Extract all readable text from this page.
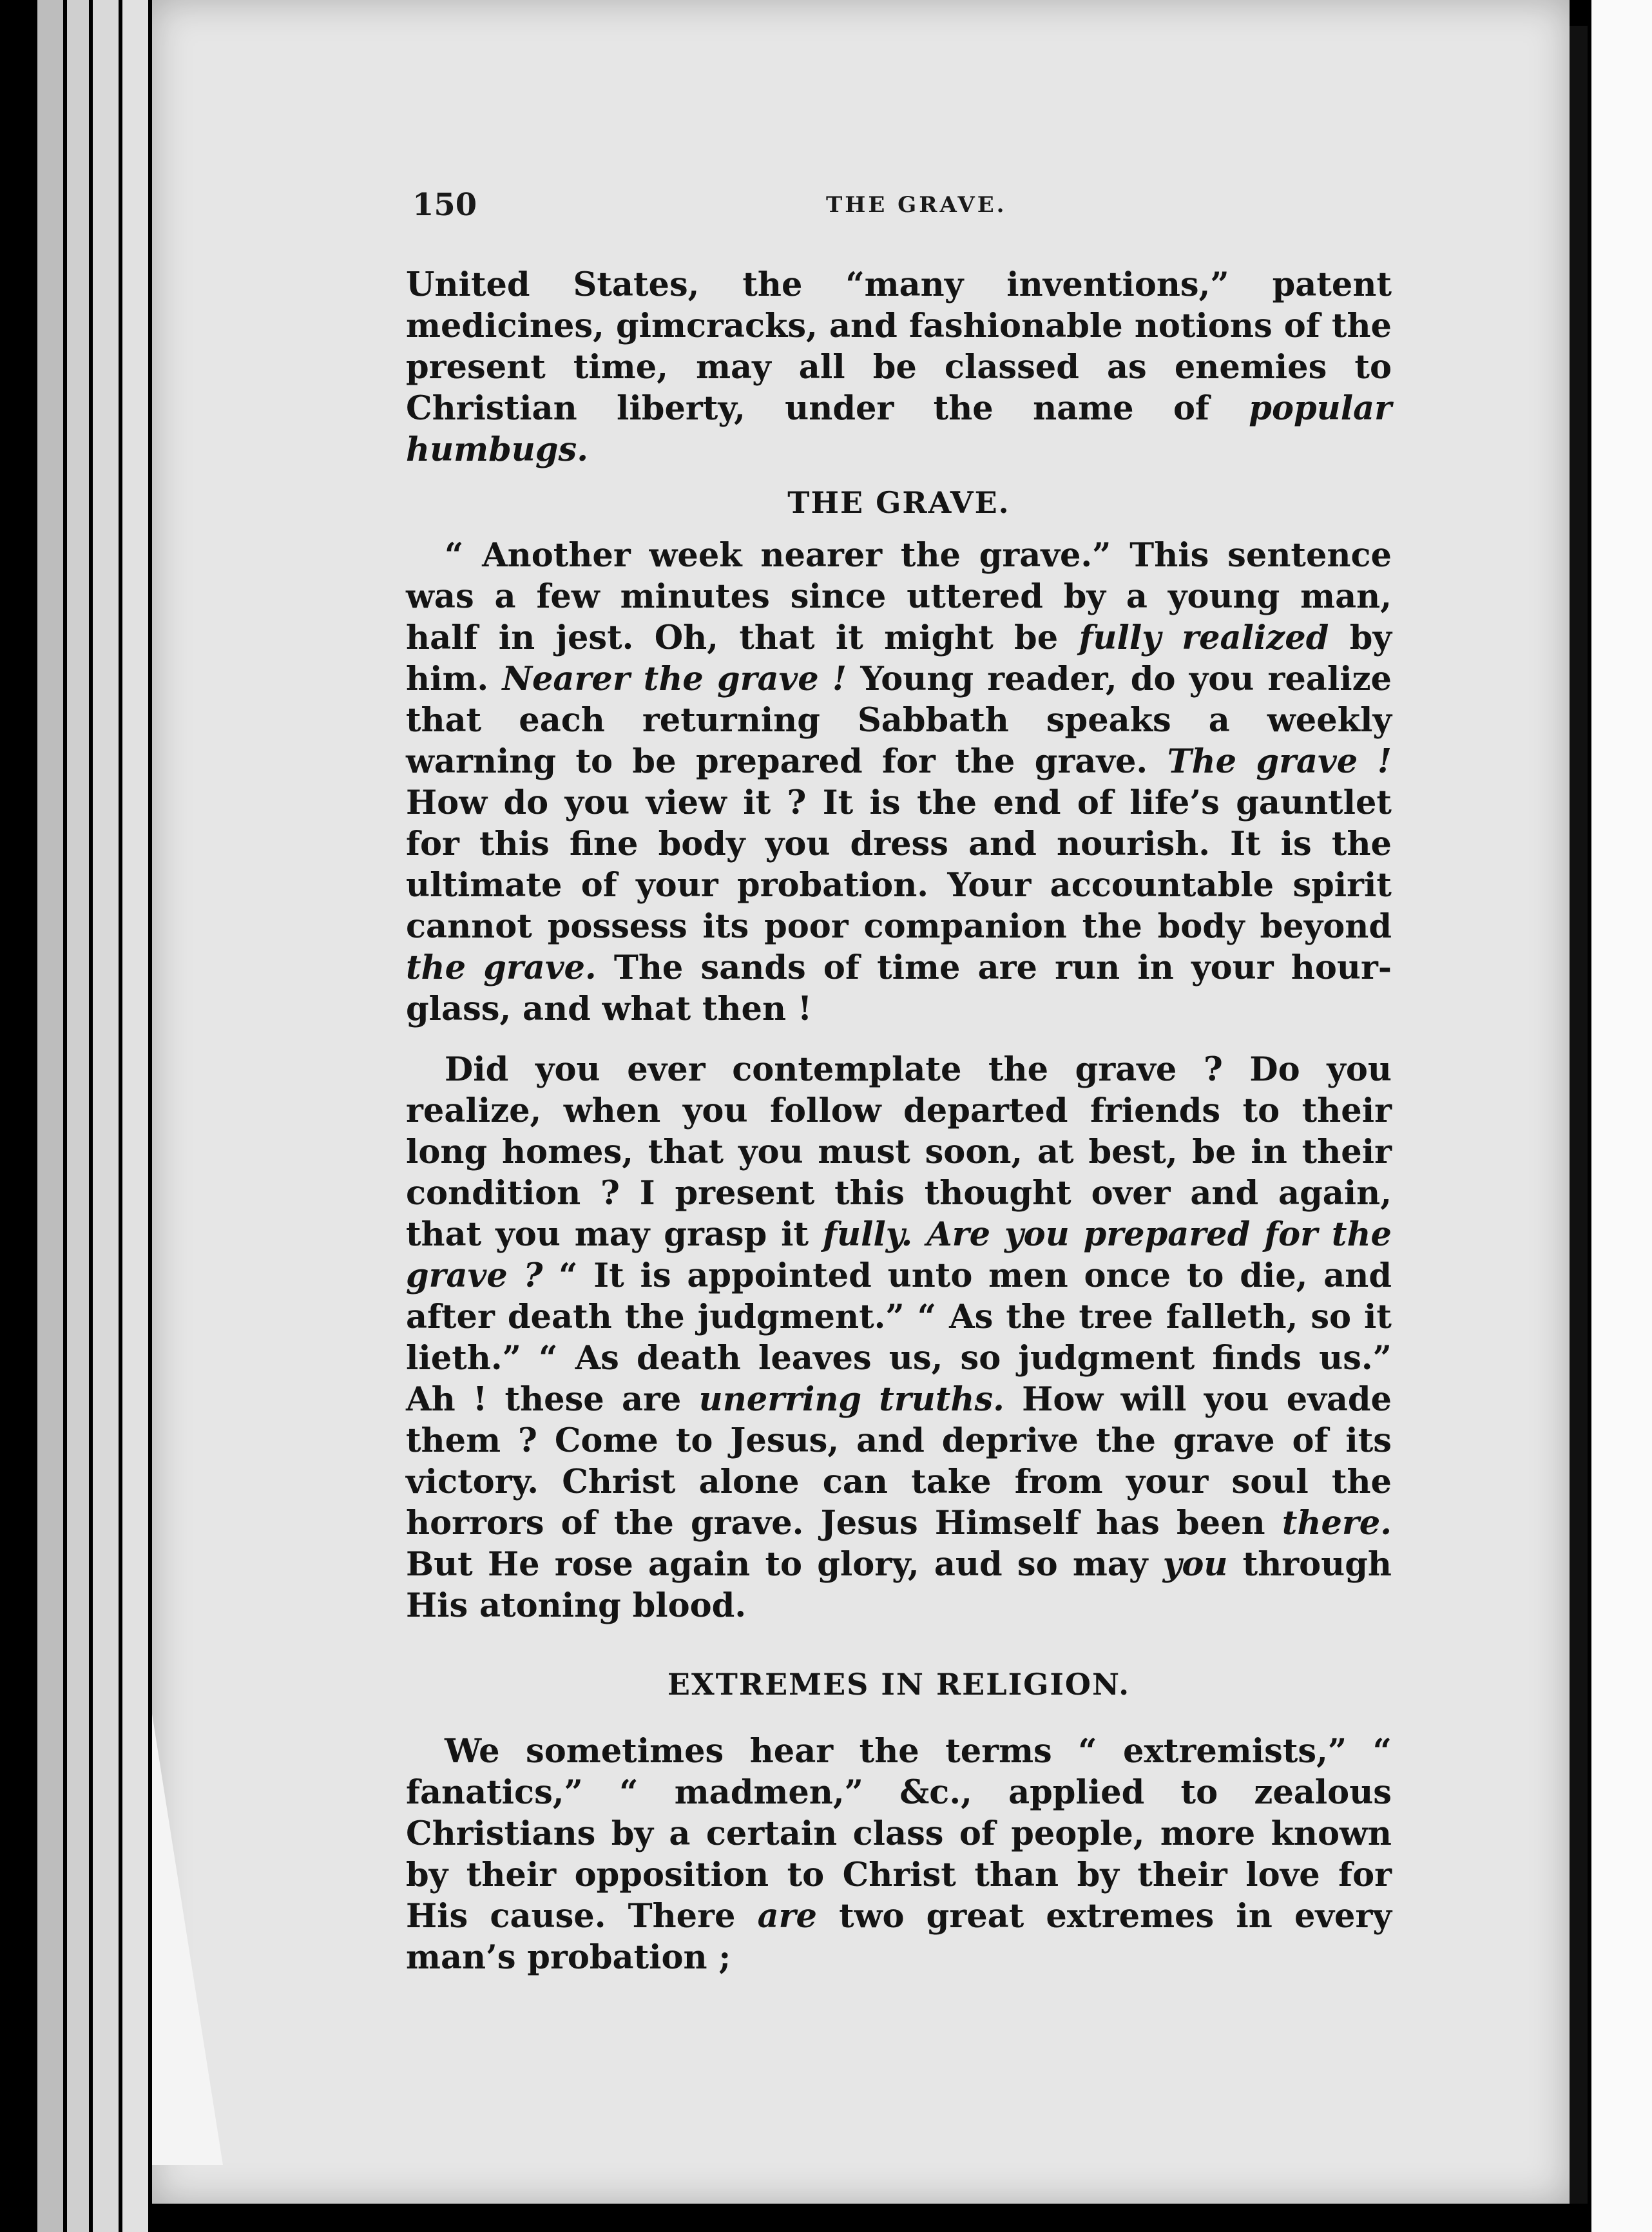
150	THE GRAVE.

United States, the “many inventions,” patent medicines, gimcracks, and fashionable notions of the present time, may all be classed as enemies to Christian liberty, under the name of popular humbugs.

THE GRAVE.

“ Another week nearer the grave.” This sentence was a few minutes since uttered by a young man, half in jest. Oh, that it might be fully realized by him. Nearer the grave ! Young reader, do you realize that each returning Sabbath speaks a weekly warning to be prepared for the grave. The grave ! How do you view it ? It is the end of life’s gauntlet for this fine body you dress and nourish. It is the ultimate of your probation. Your accountable spirit cannot possess its poor companion the body beyond the grave. The sands of time are run in your hour-glass, and what then !

Did you ever contemplate the grave ? Do you realize, when you follow departed friends to their long homes, that you must soon, at best, be in their condition ? I present this thought over and again, that you may grasp it fully. Are you prepared for the grave ? “ It is appointed unto men once to die, and after death the judgment.” “ As the tree falleth, so it lieth.” “ As death leaves us, so judgment finds us.” Ah ! these are unerring truths. How will you evade them ? Come to Jesus, and deprive the grave of its victory. Christ alone can take from your soul the horrors of the grave. Jesus Himself has been there. But He rose again to glory, aud so may you through His atoning blood.

EXTREMES IN RELIGION.

We sometimes hear the terms “ extremists,” “ fanatics,” “ madmen,” &c., applied to zealous Christians by a certain class of people, more known by their opposition to Christ than by their love for His cause. There are two great extremes in every man’s probation ;
